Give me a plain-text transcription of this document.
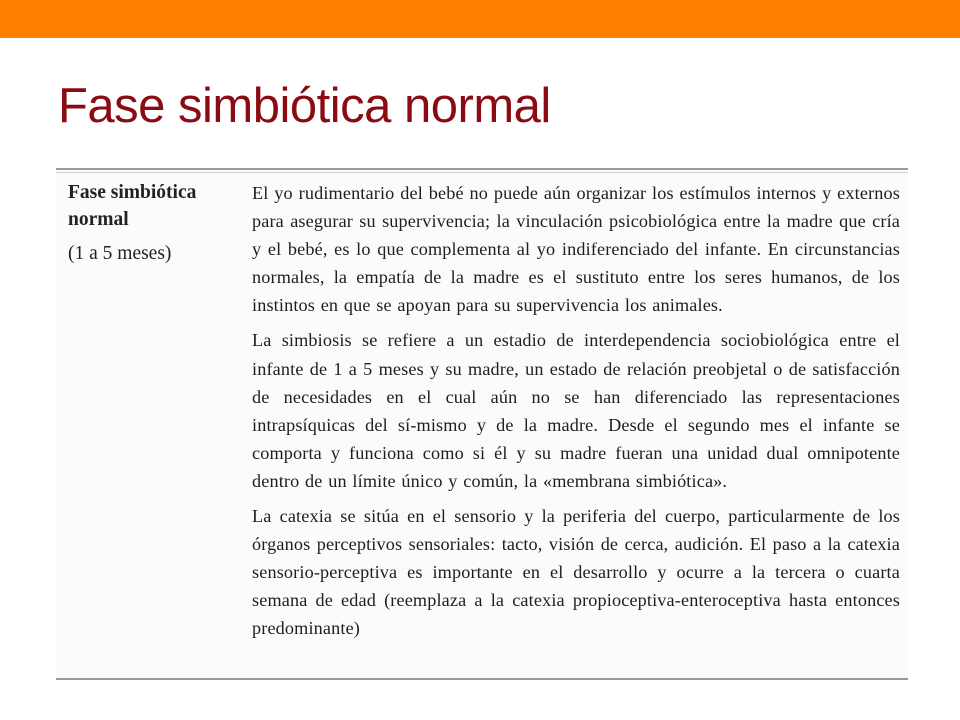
Fase simbiótica normal
Fase simbiótica normal
(1 a 5 meses)

El yo rudimentario del bebé no puede aún organizar los estímulos internos y externos para asegurar su supervivencia; la vinculación psicobiológica entre la madre que cría y el bebé, es lo que complementa al yo indiferenciado del infante. En circunstancias normales, la empatía de la madre es el sustituto entre los seres humanos, de los instintos en que se apoyan para su supervivencia los animales.

La simbiosis se refiere a un estadio de interdependencia sociobiológica entre el infante de 1 a 5 meses y su madre, un estado de relación preobjetal o de satisfacción de necesidades en el cual aún no se han diferenciado las representaciones intrapsíquicas del sí-mismo y de la madre. Desde el segundo mes el infante se comporta y funciona como si él y su madre fueran una unidad dual omnipotente dentro de un límite único y común, la «membrana simbiótica».

La catexia se sitúa en el sensorio y la periferia del cuerpo, particularmente de los órganos perceptivos sensoriales: tacto, visión de cerca, audición. El paso a la catexia sensorio-perceptiva es importante en el desarrollo y ocurre a la tercera o cuarta semana de edad (reemplaza a la catexia propioceptiva-enteroceptiva hasta entonces predominante)
